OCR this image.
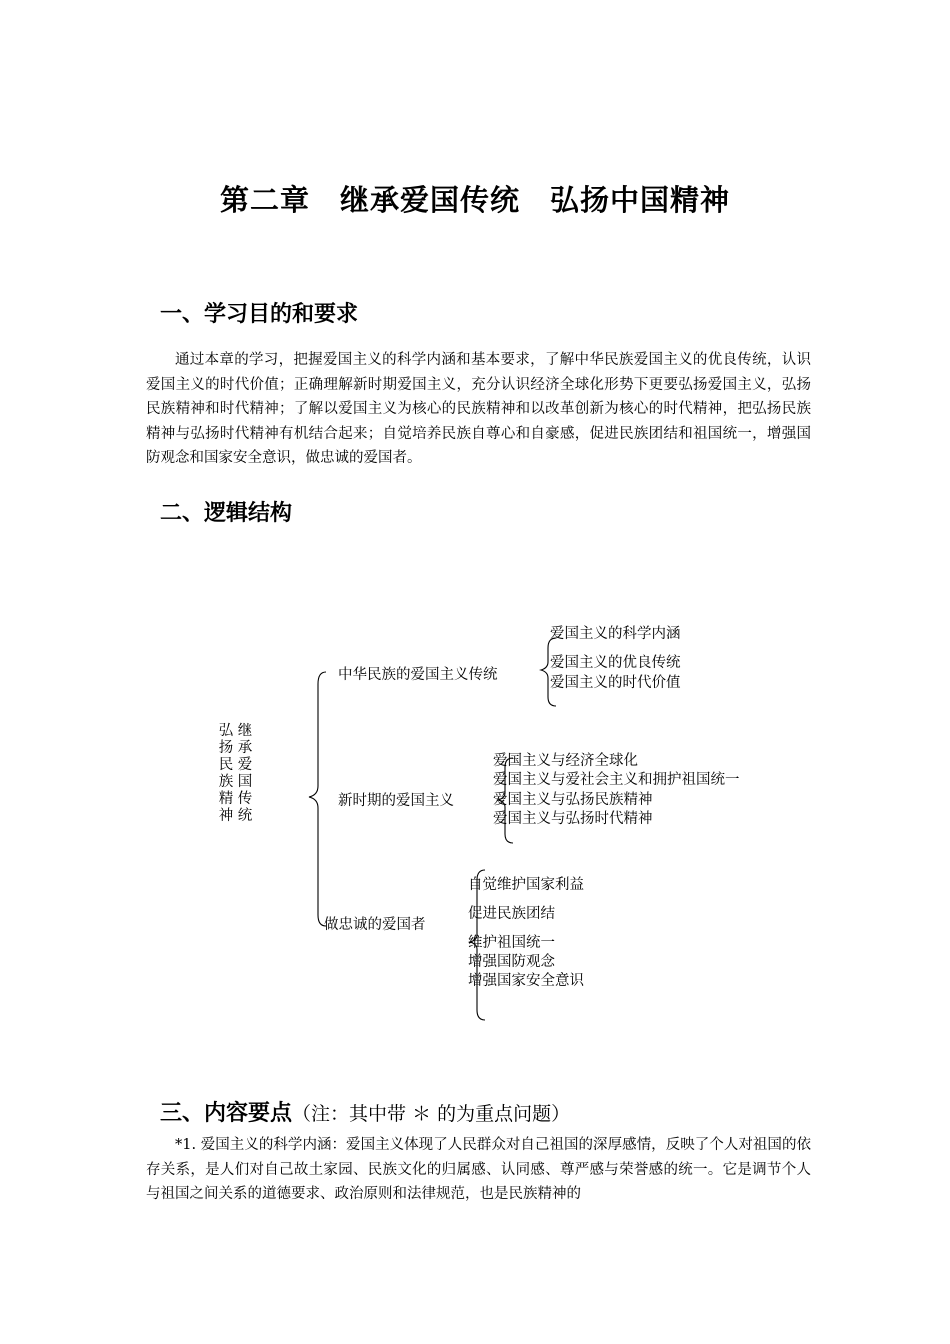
第二章　继承爱国传统　弘扬中国精神
一、学习目的和要求

通过本章的学习，把握爱国主义的科学内涵和基本要求，了解中华民族爱国主义的优良传统，认识爱国主义的时代价值；正确理解新时期爱国主义，充分认识经济全球化形势下更要弘扬爱国主义，弘扬民族精神和时代精神；了解以爱国主义为核心的民族精神和以改革创新为核心的时代精神，把弘扬民族精神与弘扬时代精神有机结合起来；自觉培养民族自尊心和自豪感，促进民族团结和祖国统一，增强国防观念和国家安全意识，做忠诚的爱国者。

二、逻辑结构
继承爱国传统
弘扬民族精神
中华民族的爱国主义传统
爱国主义的科学内涵
爱国主义的优良传统
爱国主义的时代价值
新时期的爱国主义
爱国主义与经济全球化
爱国主义与爱社会主义和拥护祖国统一
爱国主义与弘扬民族精神
爱国主义与弘扬时代精神
做忠诚的爱国者
自觉维护国家利益
促进民族团结
维护祖国统一
增强国防观念
增强国家安全意识
三、内容要点（注：其中带 ＊ 的为重点问题）

*1. 爱国主义的科学内涵：爱国主义体现了人民群众对自己祖国的深厚感情，反映了个人对祖国的依存关系，是人们对自己故土家园、民族文化的归属感、认同感、尊严感与荣誉感的统一。它是调节个人与祖国之间关系的道德要求、政治原则和法律规范，也是民族精神的
